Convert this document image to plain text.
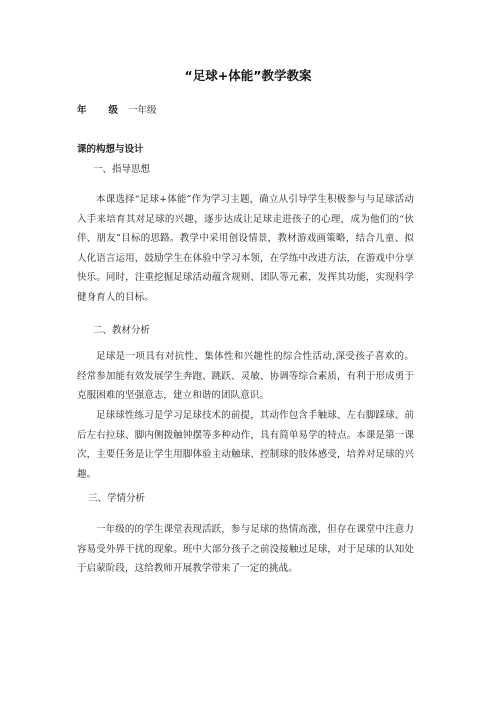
“足球+体能”教学教案
年 级 一年级
课的构想与设计
一、指导思想
本课选择“足球+体能”作为学习主题，确立从引导学生积极参与与足球活动入手来培育其对足球的兴趣，逐步达成让足球走进孩子的心理，成为他们的“伙伴、朋友”目标的思路。教学中采用创设情景，教材游戏画策略，结合儿童、拟人化语言运用，鼓励学生在体验中学习本领，在学练中改进方法，在游戏中分享快乐。同时，注重挖掘足球活动蕴含规则、团队等元素，发挥其功能，实现科学健身育人的目标。
二、教材分析
足球是一项具有对抗性、集体性和兴趣性的综合性活动,深受孩子喜欢的。经常参加能有效发展学生奔跑、跳跃、灵敏、协调等综合素质，有利于形成勇于克服困难的坚强意志，建立和谐的团队意识。
足球球性练习是学习足球技术的前提，其动作包含手触球、左右脚踩球、前后左右拉球、脚内侧拨触钟摆等多种动作，具有简单易学的特点。本课是第一课次，主要任务是让学生用脚体验主动触球、控制球的肢体感受，培养对足球的兴趣。
三、学情分析
一年级的的学生课堂表现活跃，参与足球的热情高涨，但存在课堂中注意力容易受外界干扰的现象。班中大部分孩子之前没接触过足球，对于足球的认知处于启蒙阶段，这给教师开展教学带来了一定的挑战。
